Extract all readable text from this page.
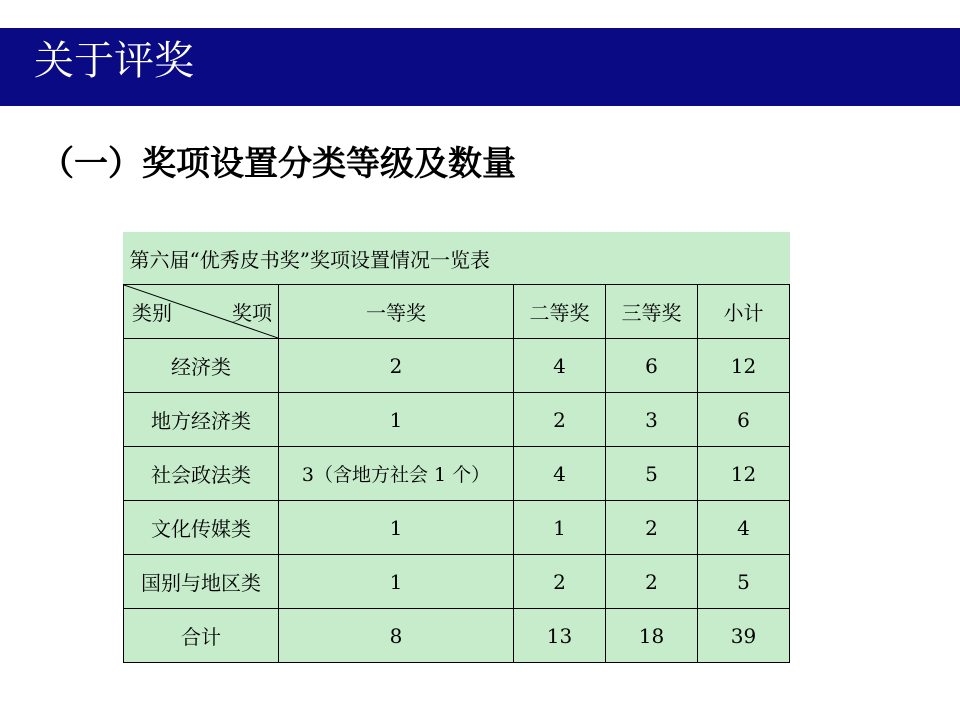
关于评奖
（一）奖项设置分类等级及数量
第六届“优秀皮书奖”奖项设置情况一览表				

类别 奖项	一等奖	二等奖	三等奖	小计
经济类	2	4	6	12
地方经济类	1	2	3	6
社会政法类	3（含地方社会 1 个）	4	5	12
文化传媒类	1	1	2	4
国别与地区类	1	2	2	5
合计	8	13	18	39
